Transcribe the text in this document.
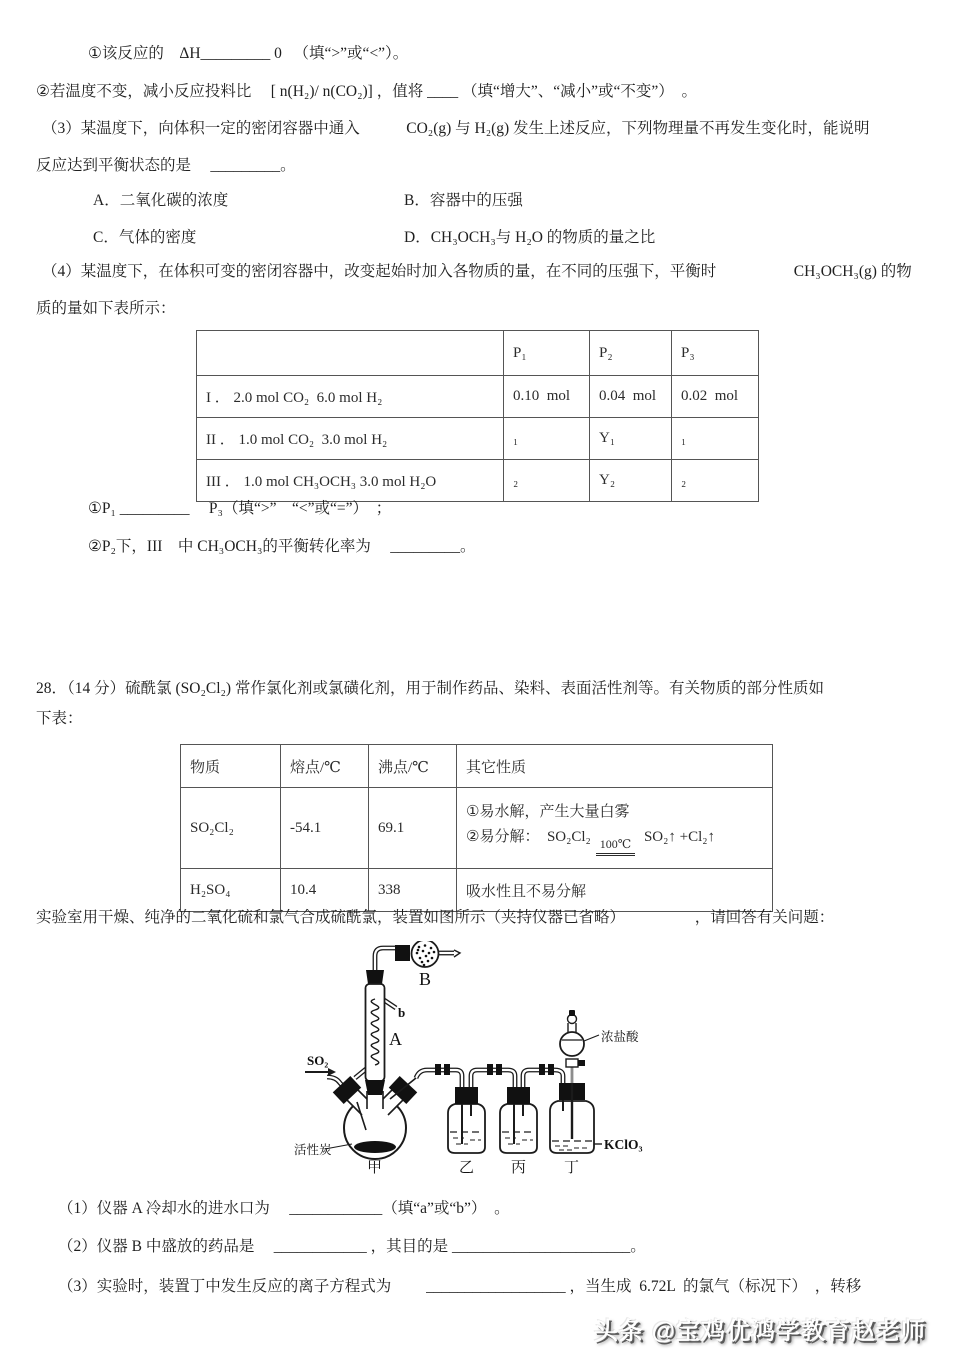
①该反应的　ΔH_________ 0 　（填“>”或“<”）。
②若温度不变，减小反应投料比　 [ n(H₂)/ n(CO₂)] ，值将 ____ （填“增大”、“减小”或“不变”）　。
（3）某温度下，向体积一定的密闭容器中通入　　　CO₂(g) 与 H₂(g) 发生上述反应，下列物理量不再发生变化时，能说明
反应达到平衡状态的是　 _________。
A．二氧化碳的浓度	B．容器中的压强
C．气体的密度	D．CH₃OCH₃与 H₂O 的物质的量之比
（4）某温度下，在体积可变的密闭容器中，改变起始时加入各物质的量，在不同的压强下，平衡时　　　　　CH₃OCH₃(g) 的物
质的量如下表所示：
	P₁	P₂	P₃
I ． 2.0 mol CO₂  6.0 mol H₂	0.10  mol	0.04  mol	0.02  mol
II ． 1.0 mol CO₂  3.0 mol H₂	₁	Y₁	₁
III ． 1.0 mol CH₃OCH₃ 3.0 mol H₂O	₂	Y₂	₂
①P₁ _________　 P₃（填“>”　“<”或“=”）　；
②P₂下，III　中 CH₃OCH₃的平衡转化率为　 _________。
28．（14 分）硫酰氯 (SO₂Cl₂) 常作氯化剂或氯磺化剂，用于制作药品、染料、表面活性剂等。有关物质的部分性质如
下表：
物质	熔点/℃	沸点/℃	其它性质
SO₂Cl₂	-54.1	69.1	①易水解，产生大量白雾
②易分解：　SO₂Cl₂ 100℃ SO₂↑ +Cl₂↑

H₂SO₄	10.4	338	吸水性且不易分解
实验室用干燥、纯净的二氧化硫和氯气合成硫酰氯，装置如图所示（夹持仪器已省略）　　　　　，请回答有关问题：
B
A
b
活性炭
甲
SO₂
乙 丙
浓盐酸
KClO₃
丁
（1）仪器 A 冷却水的进水口为　 ____________（填“a”或“b”）　。
（2）仪器 B 中盛放的药品是　 ____________ ，其目的是 _______________________。
（3）实验时，装置丁中发生反应的离子方程式为　　 __________________ ，当生成  6.72L  的氯气（标况下）　，转移
头条 @宝鸡优鸿学教育赵老师
